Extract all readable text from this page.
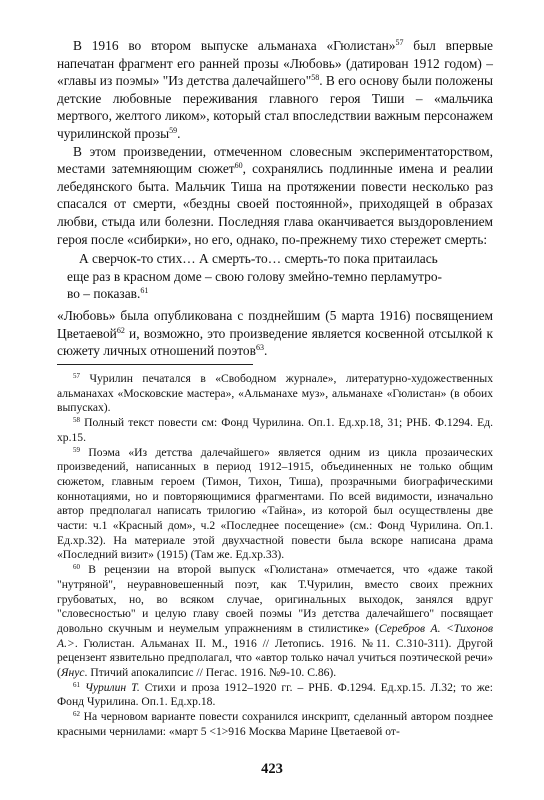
В 1916 во втором выпуске альманаха «Гюлистан»$^{57}$ был впервые напечатан фрагмент его ранней прозы «Любовь» (датирован 1912 годом) – «главы из поэмы» "Из детства далечайшего"$^{58}$. В его основу были положены детские любовные переживания главного героя Тиши – «мальчика мертвого, желтого ликом», который стал впоследствии важным персонажем чурилинской прозы$^{59}$.

В этом произведении, отмеченном словесным экспериментаторством, местами затемняющим сюжет$^{60}$, сохранялись подлинные имена и реалии лебедянского быта. Мальчик Тиша на протяжении повести несколько раз спасался от смерти, «бездны своей постоянной», приходящей в образах любви, стыда или болезни. Последняя глава оканчивается выздоровлением героя после «сибирки», но его, однако, по-прежнему тихо стережет смерть:

А сверчок-то стих… А смерть-то… смерть-то пока притаилась
еще раз в красном доме – свою голову змейно-темно перламутро-
во – показав.$^{61}$

«Любовь» была опубликована с позднейшим (5 марта 1916) посвящением Цветаевой$^{62}$ и, возможно, это произведение является косвенной отсылкой к сюжету личных отношений поэтов$^{63}$.

$^{57}$ Чурилин печатался в «Свободном журнале», литературно-художественных альманахах «Московские мастера», «Альманахе муз», альманахе «Гюлистан» (в обоих выпусках).

$^{58}$ Полный текст повести см: Фонд Чурилина. Оп.1. Ед.хр.18, 31; РНБ. Ф.1294. Ед. хр.15.

$^{59}$ Поэма «Из детства далечайшего» является одним из цикла прозаических произведений, написанных в период 1912–1915, объединенных не только общим сюжетом, главным героем (Тимон, Тихон, Тиша), прозрачными биографическими коннотациями, но и повторяющимися фрагментами. По всей видимости, изначально автор предполагал написать трилогию «Тайна», из которой был осуществлены две части: ч.1 «Красный дом», ч.2 «Последнее посещение» (см.: Фонд Чурилина. Оп.1. Ед.хр.32). На материале этой двухчастной повести была вскоре написана драма «Последний визит» (1915) (Там же. Ед.хр.33).

$^{60}$ В рецензии на второй выпуск «Гюлистана» отмечается, что «даже такой "нутряной", неуравновешенный поэт, как Т.Чурилин, вместо своих прежних грубоватых, но, во всяком случае, оригинальных выходок, занялся вдруг "словесностью" и целую главу своей поэмы "Из детства далечайшего" посвящает довольно скучным и неумелым упражнениям в стилистике» (Серебров А. <Тихонов А.>. Гюлистан. Альманах II. М., 1916 // Летопись. 1916. №11. С.310-311). Другой рецензент язвительно предполагал, что «автор только начал учиться поэтической речи» (Янус. Птичий апокалипсис // Пегас. 1916. №9-10. С.86).

$^{61}$ Чурилин Т. Стихи и проза 1912–1920 гг. – РНБ. Ф.1294. Ед.хр.15. Л.32; то же: Фонд Чурилина. Оп.1. Ед.хр.18.

$^{62}$ На черновом варианте повести сохранился инскрипт, сделанный автором позднее красными чернилами: «март 5 <1>916 Москва Марине Цветаевой от-

423
